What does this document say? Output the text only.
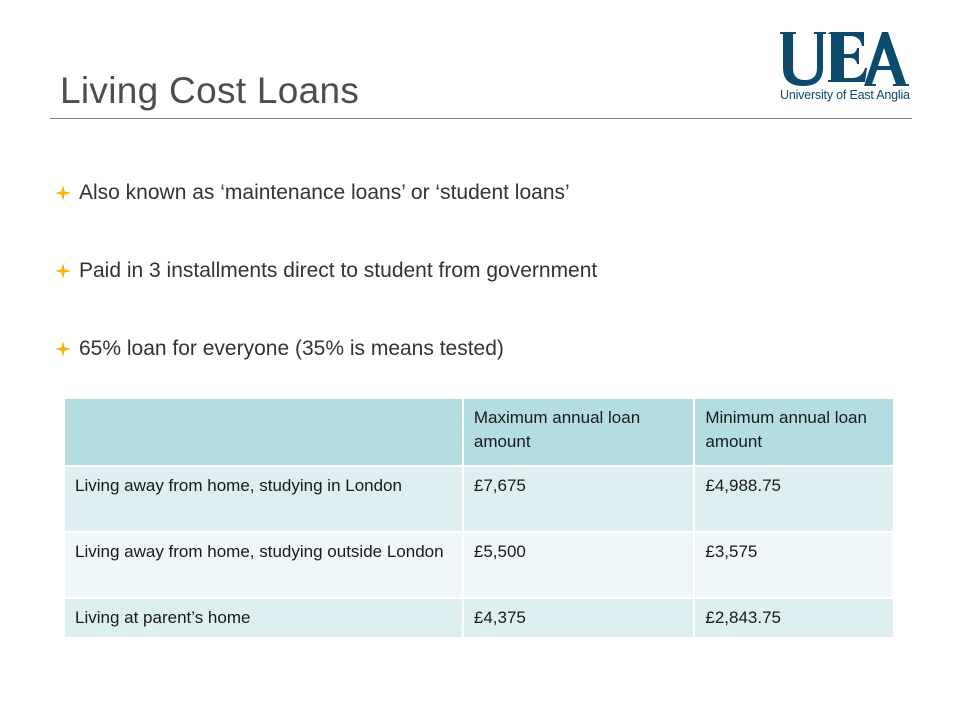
Living Cost Loans	University of East Anglia
Also known as ‘maintenance loans’ or ‘student loans’
Paid in 3 installments direct to student from government
65% loan for everyone (35% is means tested)
	Maximum annual loan amount	Minimum annual loan amount
Living away from home, studying in London	£7,675	£4,988.75
Living away from home, studying outside London	£5,500	£3,575
Living at parent’s home	£4,375	£2,843.75
